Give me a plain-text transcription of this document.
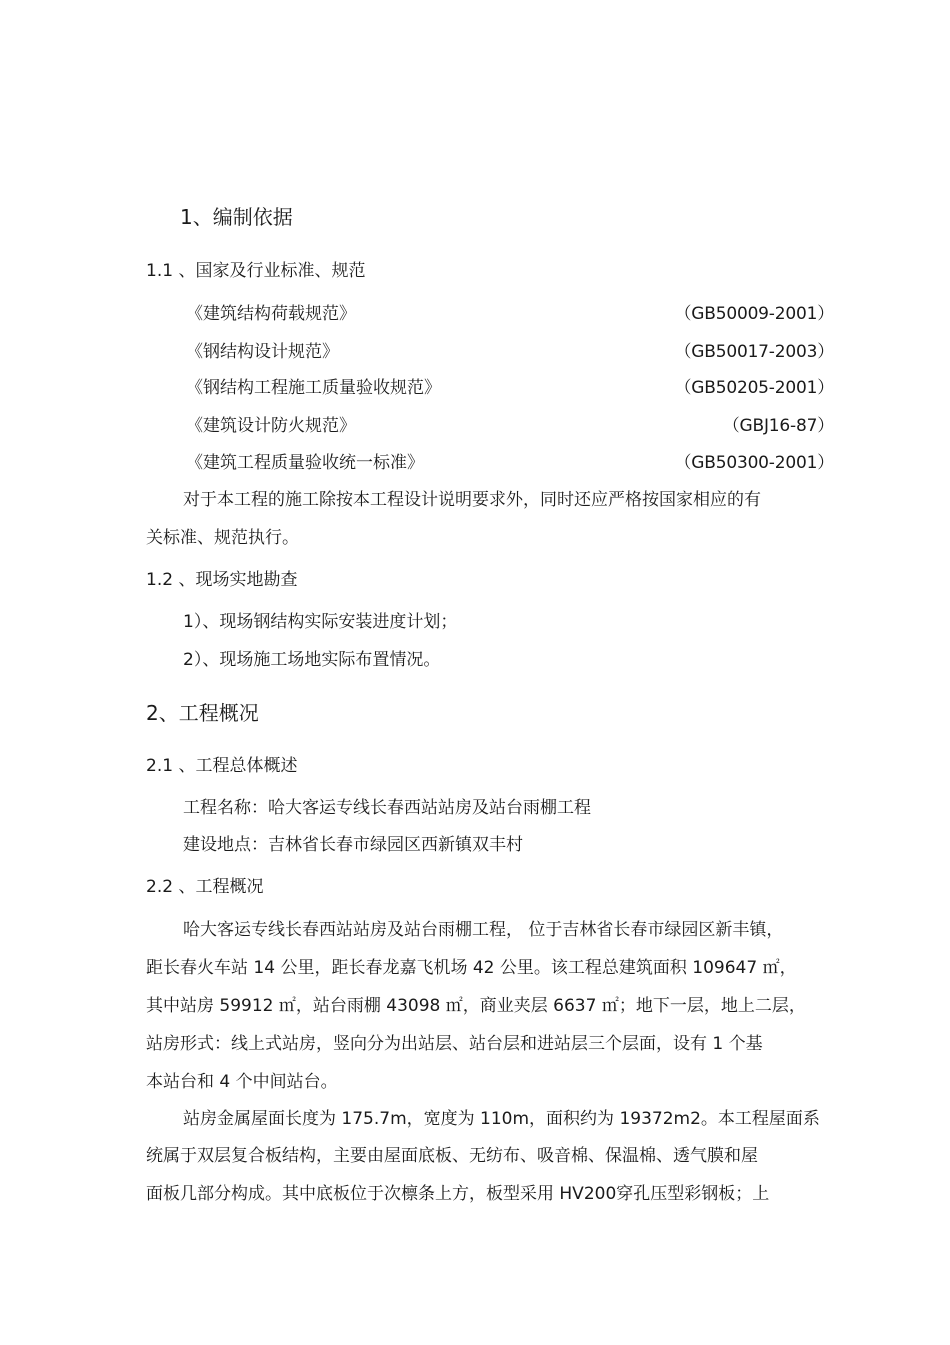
1、编制依据
1.1 、国家及行业标准、规范
《建筑结构荷载规范》	（GB50009-2001）
《钢结构设计规范》	（GB50017-2003）
《钢结构工程施工质量验收规范》	（GB50205-2001）
《建筑设计防火规范》	（GBJ16-87）
《建筑工程质量验收统一标准》	（GB50300-2001）
对于本工程的施工除按本工程设计说明要求外，同时还应严格按国家相应的有
关标准、规范执行。
1.2 、现场实地勘查
1）、现场钢结构实际安装进度计划；
2）、现场施工场地实际布置情况。
2、工程概况
2.1 、工程总体概述
工程名称：哈大客运专线长春西站站房及站台雨棚工程
建设地点：吉林省长春市绿园区西新镇双丰村
2.2 、工程概况
哈大客运专线长春西站站房及站台雨棚工程， 位于吉林省长春市绿园区新丰镇，
距长春火车站 14 公里，距长春龙嘉飞机场 42 公里。该工程总建筑面积 109647 ㎡，
其中站房 59912 ㎡，站台雨棚 43098 ㎡，商业夹层 6637 ㎡；地下一层，地上二层，
站房形式：线上式站房，竖向分为出站层、站台层和进站层三个层面，设有 1 个基
本站台和 4 个中间站台。
站房金属屋面长度为 175.7m，宽度为 110m，面积约为 19372m2。本工程屋面系
统属于双层复合板结构，主要由屋面底板、无纺布、吸音棉、保温棉、透气膜和屋
面板几部分构成。其中底板位于次檩条上方，板型采用 HV200穿孔压型彩钢板；上
